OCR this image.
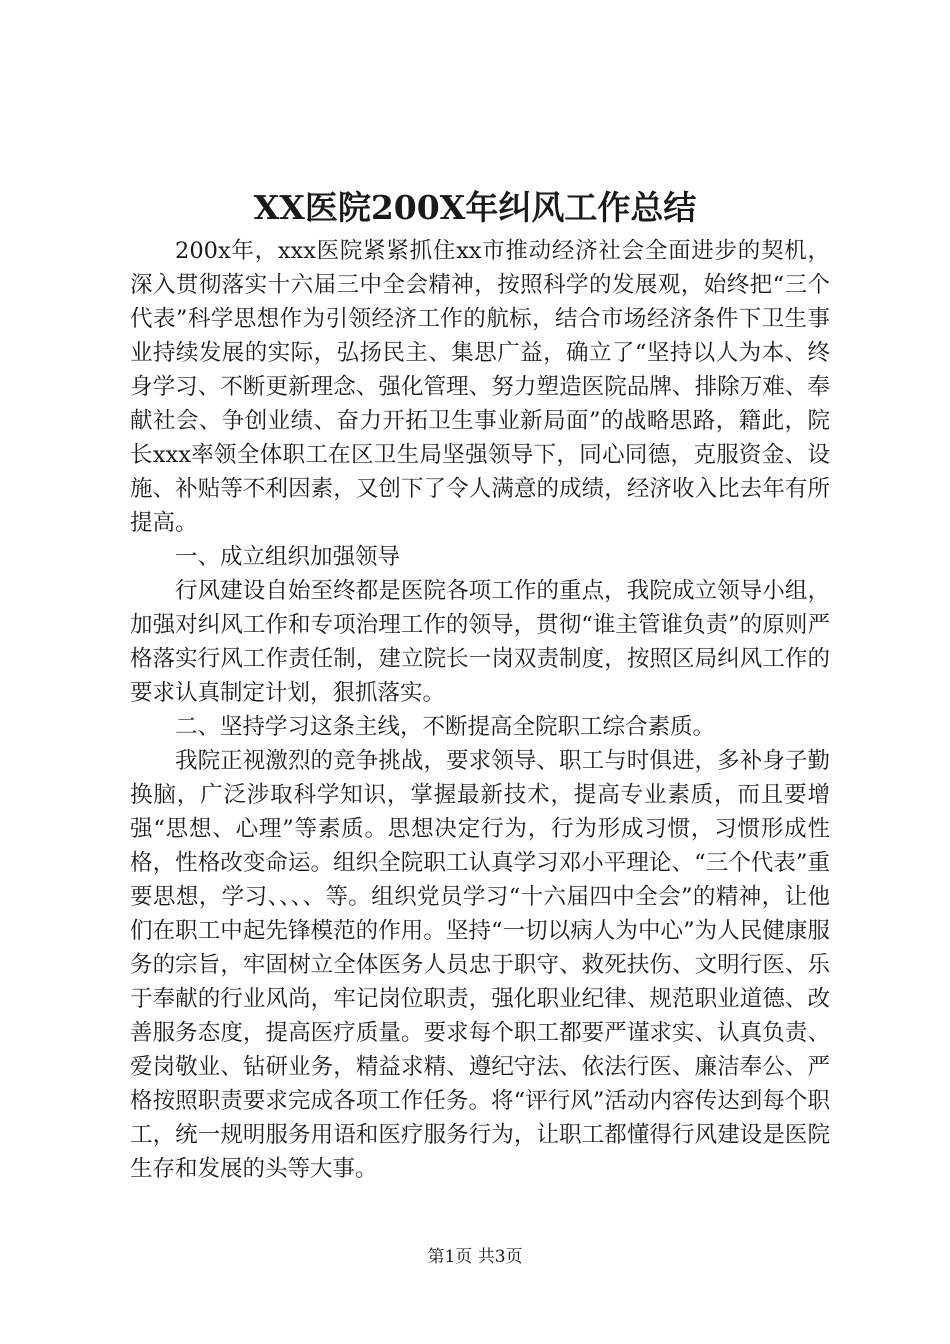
XX医院200X年纠风工作总结

200x年，xxx医院紧紧抓住xx市推动经济社会全面进步的契机，深入贯彻落实十六届三中全会精神，按照科学的发展观，始终把“三个代表”科学思想作为引领经济工作的航标，结合市场经济条件下卫生事业持续发展的实际，弘扬民主、集思广益，确立了“坚持以人为本、终身学习、不断更新理念、强化管理、努力塑造医院品牌、排除万难、奉献社会、争创业绩、奋力开拓卫生事业新局面”的战略思路，籍此，院长xxx率领全体职工在区卫生局坚强领导下，同心同德，克服资金、设施、补贴等不利因素，又创下了令人满意的成绩，经济收入比去年有所提高。

一、成立组织加强领导

行风建设自始至终都是医院各项工作的重点，我院成立领导小组，加强对纠风工作和专项治理工作的领导，贯彻“谁主管谁负责”的原则严格落实行风工作责任制，建立院长一岗双责制度，按照区局纠风工作的要求认真制定计划，狠抓落实。

二、坚持学习这条主线，不断提高全院职工综合素质。

我院正视激烈的竞争挑战，要求领导、职工与时俱进，多补身子勤换脑，广泛涉取科学知识，掌握最新技术，提高专业素质，而且要增强“思想、心理”等素质。思想决定行为，行为形成习惯，习惯形成性格，性格改变命运。组织全院职工认真学习邓小平理论、“三个代表”重要思想，学习、、、、等。组织党员学习“十六届四中全会”的精神，让他们在职工中起先锋模范的作用。坚持“一切以病人为中心”为人民健康服务的宗旨，牢固树立全体医务人员忠于职守、救死扶伤、文明行医、乐于奉献的行业风尚，牢记岗位职责，强化职业纪律、规范职业道德、改善服务态度，提高医疗质量。要求每个职工都要严谨求实、认真负责、爱岗敬业、钻研业务，精益求精、遵纪守法、依法行医、廉洁奉公、严格按照职责要求完成各项工作任务。将“评行风”活动内容传达到每个职工，统一规明服务用语和医疗服务行为，让职工都懂得行风建设是医院生存和发展的头等大事。

第1页 共3页
